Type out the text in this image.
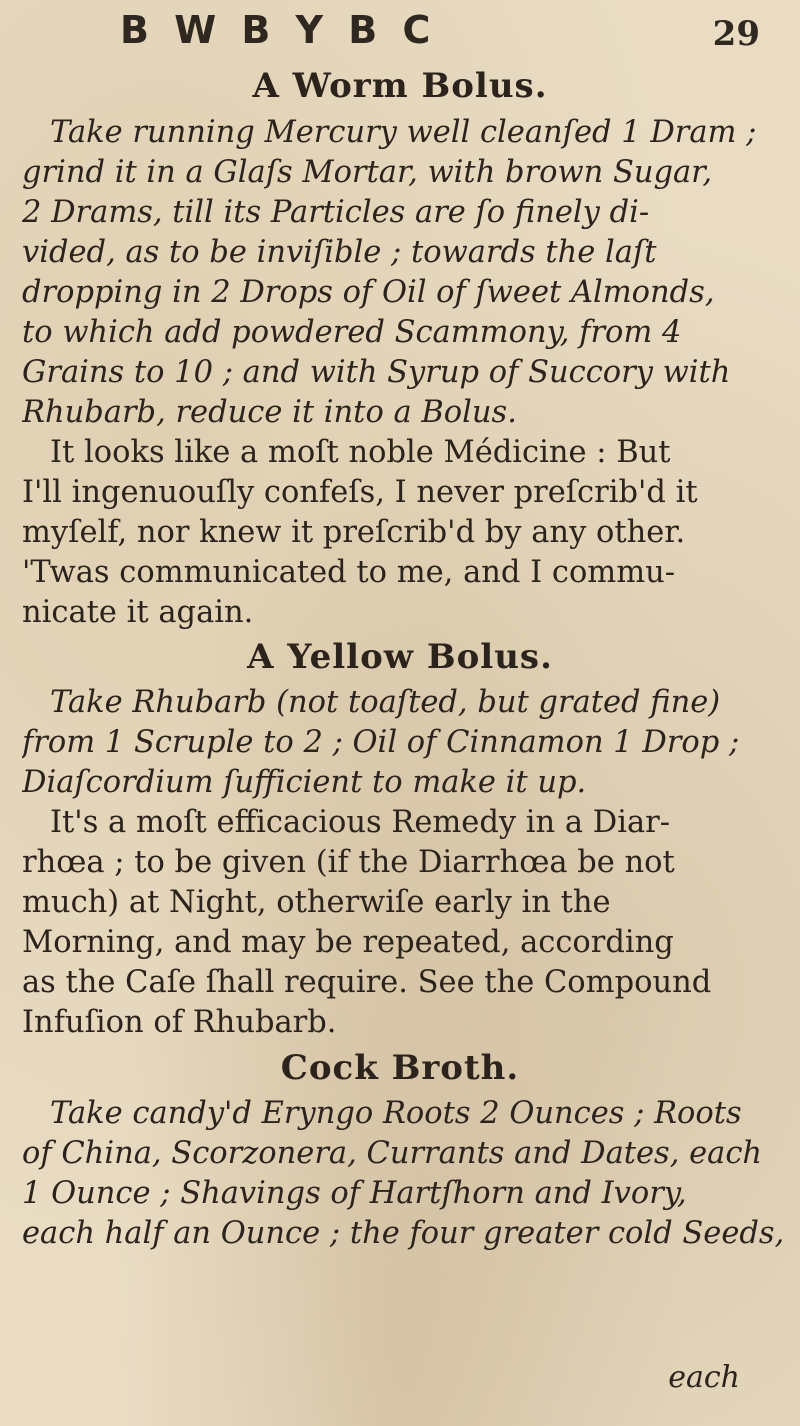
B W B Y B C	29
A Worm Bolus.
Take running Mercury well cleanſed 1 Dram ;
grind it in a Glaſs Mortar, with brown Sugar,
2 Drams, till its Particles are ſo finely di-
vided, as to be inviſible ; towards the laſt
dropping in 2 Drops of Oil of ſweet Almonds,
to which add powdered Scammony, from 4
Grains to 10 ; and with Syrup of Succory with
Rhubarb, reduce it into a Bolus.
It looks like a moſt noble Médicine : But
I'll ingenuouſly confeſs, I never preſcrib'd it
myſelf, nor knew it preſcrib'd by any other.
'Twas communicated to me, and I commu-
nicate it again.
A Yellow Bolus.
Take Rhubarb (not toaſted, but grated fine)
from 1 Scruple to 2 ; Oil of Cinnamon 1 Drop ;
Diaſcordium ſufficient to make it up.
It's a moſt efficacious Remedy in a Diar-
rhœa ; to be given (if the Diarrhœa be not
much) at Night, otherwiſe early in the
Morning, and may be repeated, according
as the Caſe ſhall require. See the Compound
Infuſion of Rhubarb.
Cock Broth.
Take candy'd Eryngo Roots 2 Ounces ; Roots
of China, Scorzonera, Currants and Dates, each
1 Ounce ; Shavings of Hartſhorn and Ivory,
each half an Ounce ; the four greater cold Seeds,
each
